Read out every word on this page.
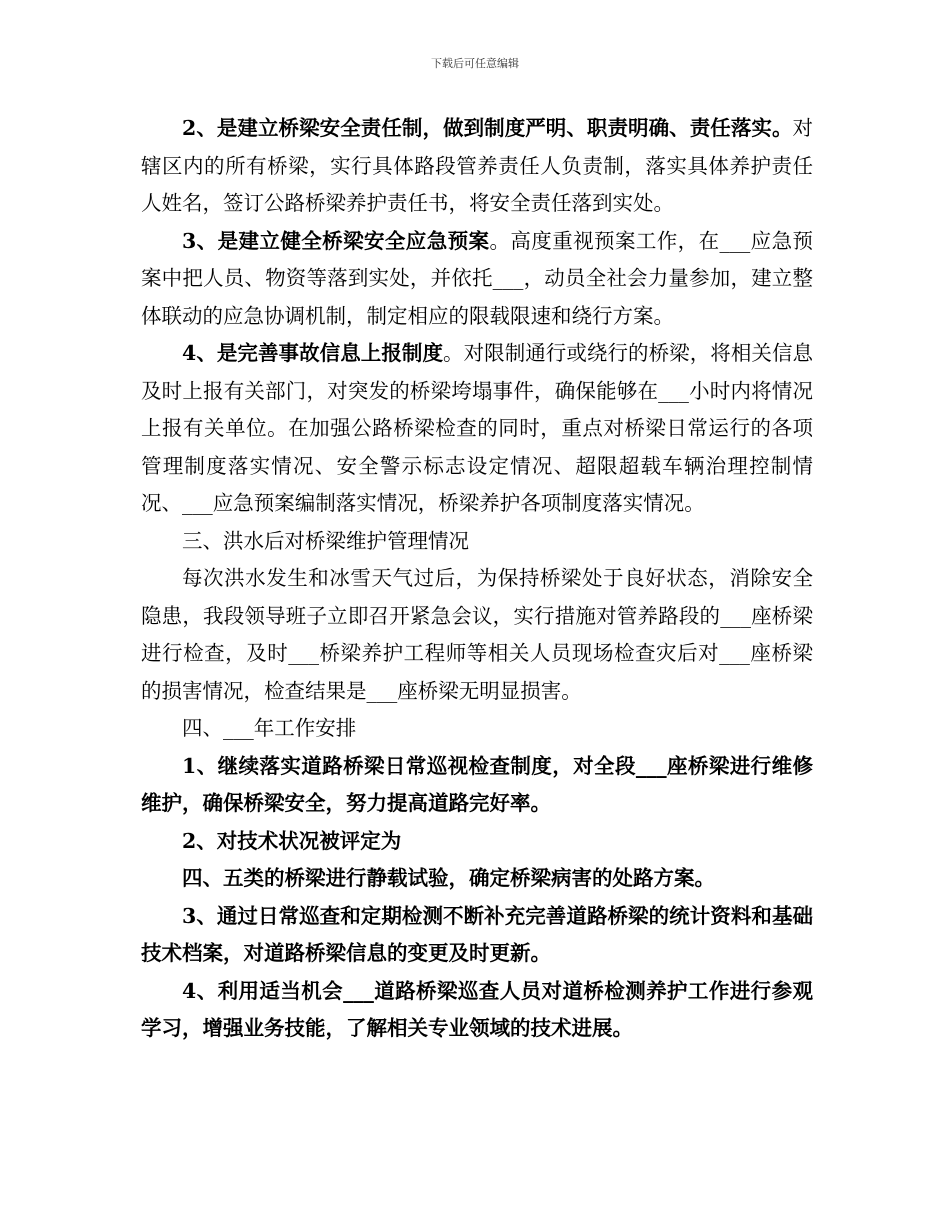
下载后可任意编辑

2、是建立桥梁安全责任制，做到制度严明、职责明确、责任落实。对辖区内的所有桥梁，实行具体路段管养责任人负责制，落实具体养护责任人姓名，签订公路桥梁养护责任书，将安全责任落到实处。

3、是建立健全桥梁安全应急预案。高度重视预案工作，在___应急预案中把人员、物资等落到实处，并依托___，动员全社会力量参加，建立整体联动的应急协调机制，制定相应的限载限速和绕行方案。

4、是完善事故信息上报制度。对限制通行或绕行的桥梁，将相关信息及时上报有关部门，对突发的桥梁垮塌事件，确保能够在___小时内将情况上报有关单位。在加强公路桥梁检查的同时，重点对桥梁日常运行的各项管理制度落实情况、安全警示标志设定情况、超限超载车辆治理控制情况、___应急预案编制落实情况，桥梁养护各项制度落实情况。

三、洪水后对桥梁维护管理情况

每次洪水发生和冰雪天气过后，为保持桥梁处于良好状态，消除安全隐患，我段领导班子立即召开紧急会议，实行措施对管养路段的___座桥梁进行检查，及时___桥梁养护工程师等相关人员现场检查灾后对___座桥梁的损害情况，检查结果是___座桥梁无明显损害。

四、___年工作安排

1、继续落实道路桥梁日常巡视检查制度，对全段___座桥梁进行维修维护，确保桥梁安全，努力提高道路完好率。

2、对技术状况被评定为

四、五类的桥梁进行静载试验，确定桥梁病害的处路方案。

3、通过日常巡查和定期检测不断补充完善道路桥梁的统计资料和基础技术档案，对道路桥梁信息的变更及时更新。

4、利用适当机会___道路桥梁巡查人员对道桥检测养护工作进行参观学习，增强业务技能，了解相关专业领域的技术进展。
